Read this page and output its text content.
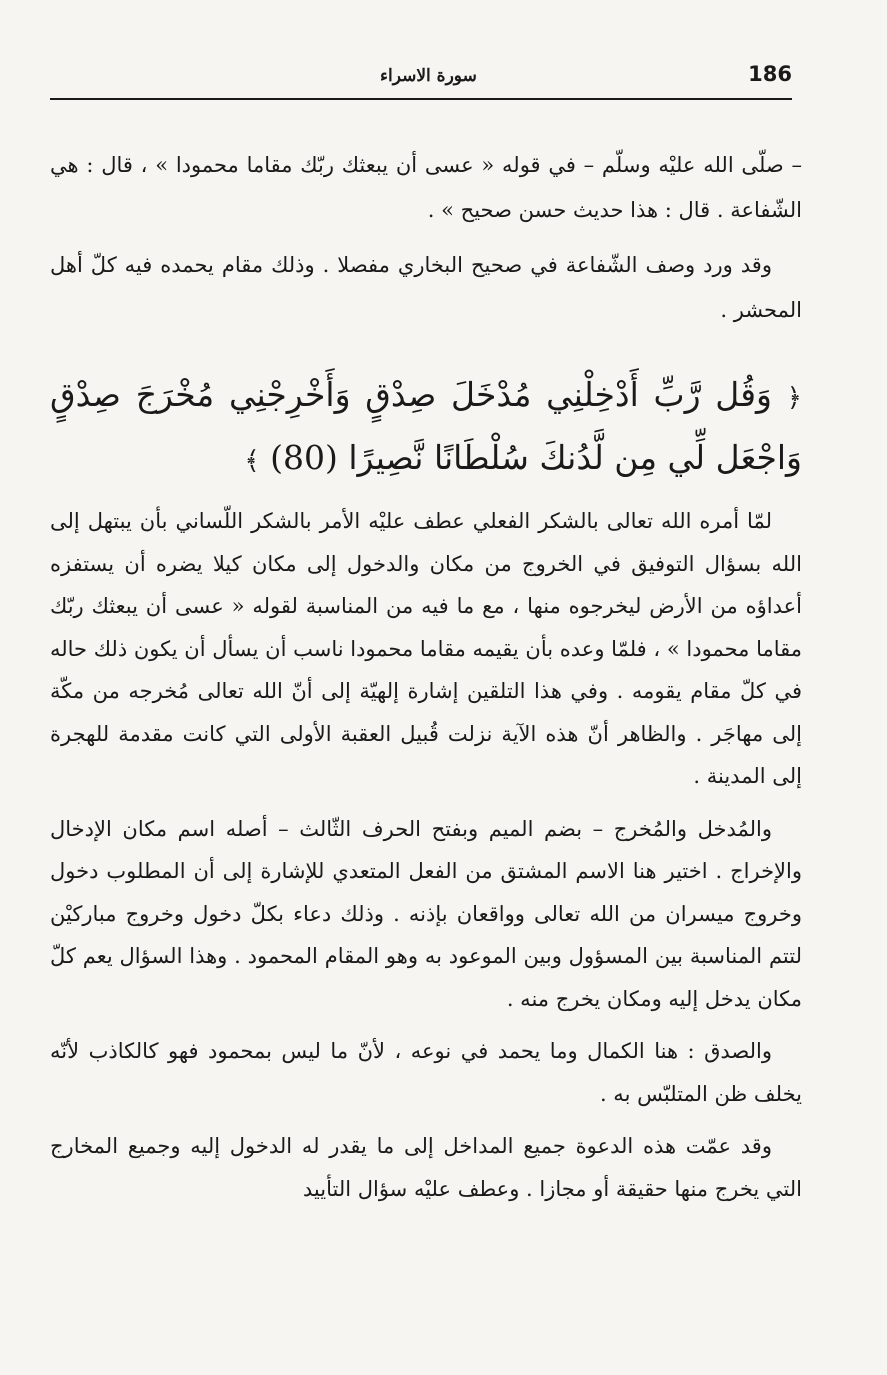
186
سورة الاسراء

– صلّى الله عليْه وسلّم – في قوله « عسى أن يبعثك ربّك مقاما محمودا » ، قال : هي الشّفاعة . قال : هذا حديث حسن صحيح » .

وقد ورد وصف الشّفاعة في صحيح البخاري مفصلا . وذلك مقام يحمده فيه كلّ أهل المحشر .

﴿ وَقُل رَّبِّ أَدْخِلْنِي مُدْخَلَ صِدْقٍ وَأَخْرِجْنِي مُخْرَجَ صِدْقٍ وَاجْعَل لِّي مِن لَّدُنكَ سُلْطَانًا نَّصِيرًا (80) ﴾

لمّا أمره الله تعالى بالشكر الفعلي عطف عليْه الأمر بالشكر اللّساني بأن يبتهل إلى الله بسؤال التوفيق في الخروج من مكان والدخول إلى مكان كيلا يضره أن يستفزه أعداؤه من الأرض ليخرجوه منها ، مع ما فيه من المناسبة لقوله « عسى أن يبعثك ربّك مقاما محمودا » ، فلمّا وعده بأن يقيمه مقاما محمودا ناسب أن يسأل أن يكون ذلك حاله في كلّ مقام يقومه . وفي هذا التلقين إشارة إلهيّة إلى أنّ الله تعالى مُخرجه من مكّة إلى مهاجَر . والظاهر أنّ هذه الآية نزلت قُبيل العقبة الأولى التي كانت مقدمة للهجرة إلى المدينة .

والمُدخل والمُخرج – بضم الميم وبفتح الحرف الثّالث – أصله اسم مكان الإدخال والإخراج . اختير هنا الاسم المشتق من الفعل المتعدي للإشارة إلى أن المطلوب دخول وخروج ميسران من الله تعالى وواقعان بإذنه . وذلك دعاء بكلّ دخول وخروج مباركيْن لتتم المناسبة بين المسؤول وبين الموعود به وهو المقام المحمود . وهذا السؤال يعم كلّ مكان يدخل إليه ومكان يخرج منه .

والصدق : هنا الكمال وما يحمد في نوعه ، لأنّ ما ليس بمحمود فهو كالكاذب لأنّه يخلف ظن المتلبّس به .

وقد عمّت هذه الدعوة جميع المداخل إلى ما يقدر له الدخول إليه وجميع المخارج التي يخرج منها حقيقة أو مجازا . وعطف عليْه سؤال التأييد
